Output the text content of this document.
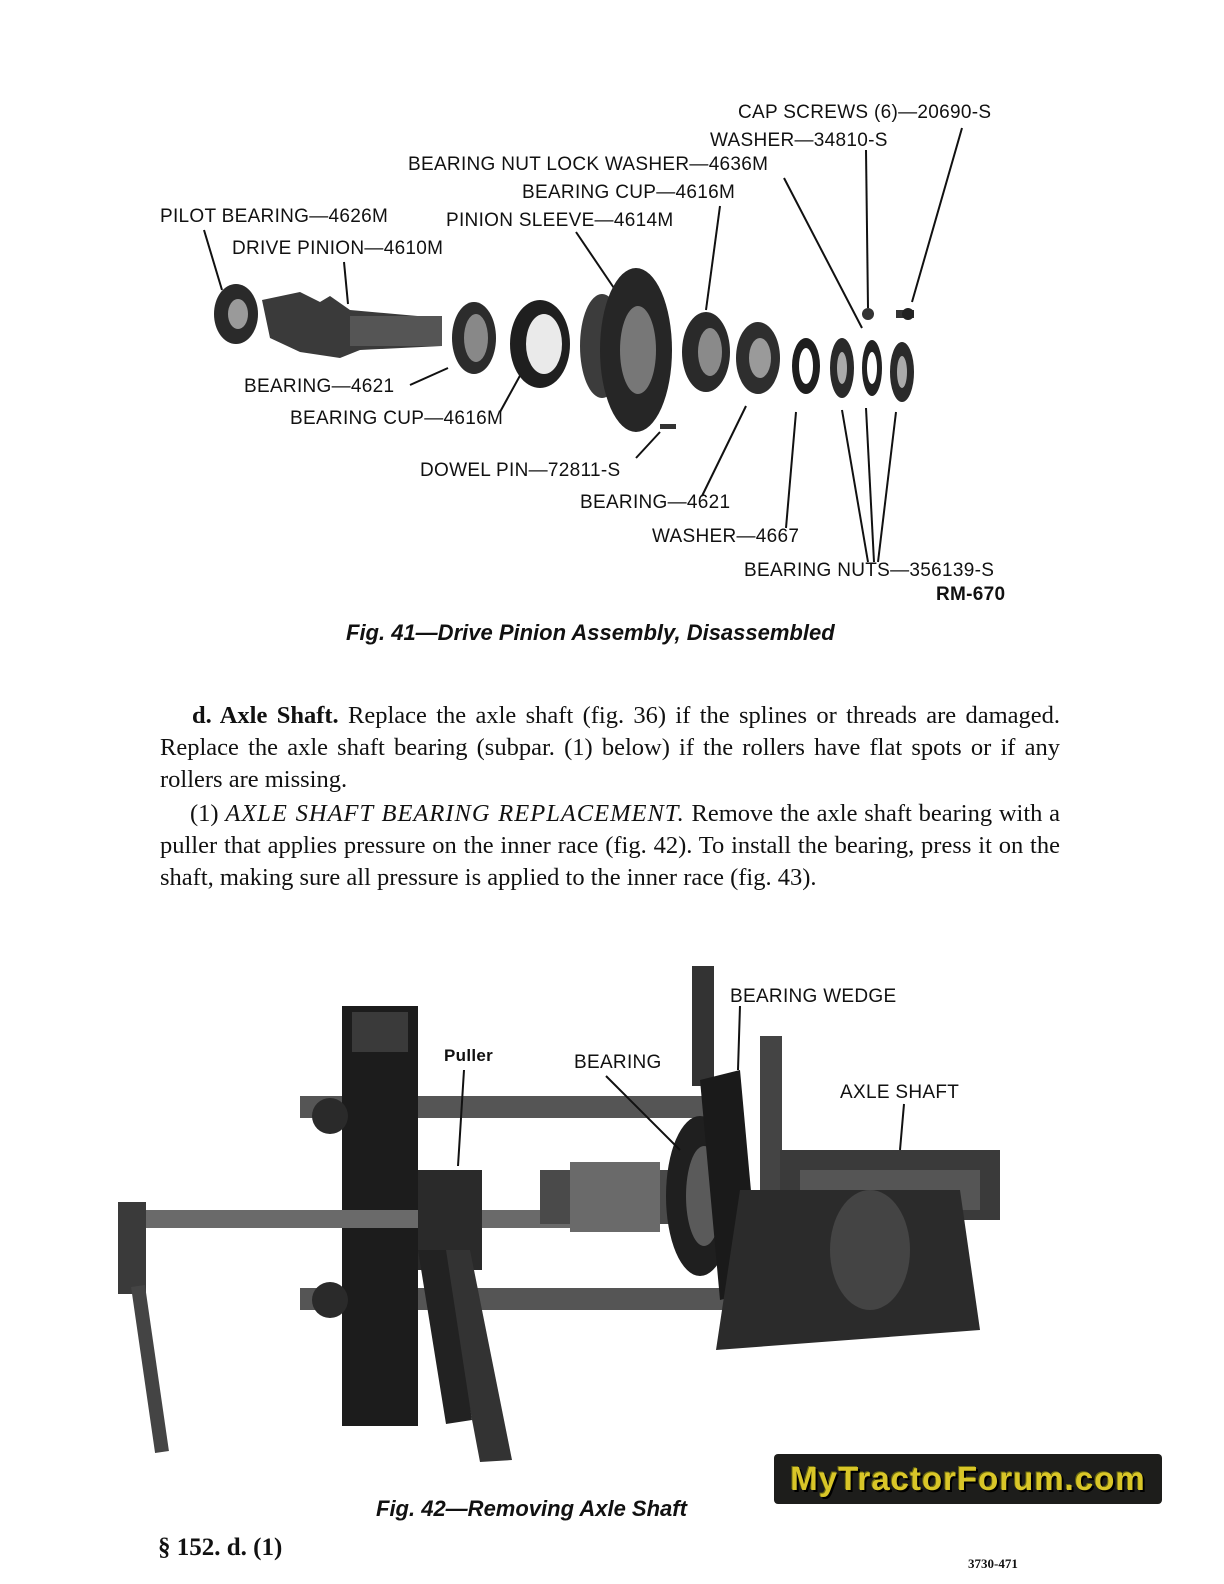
CAP SCREWS (6)—20690-S
WASHER—34810-S
BEARING NUT LOCK WASHER—4636M
BEARING CUP—4616M
PILOT BEARING—4626M	PINION SLEEVE—4614M
DRIVE PINION—4610M
BEARING—4621
BEARING CUP—4616M
DOWEL PIN—72811-S
BEARING—4621
WASHER—4667
BEARING NUTS—356139-S
RM-670
Fig. 41—Drive Pinion Assembly, Disassembled
d. Axle Shaft. Replace the axle shaft (fig. 36) if the splines or threads are damaged. Replace the axle shaft bearing (subpar. (1) below) if the rollers have flat spots or if any rollers are missing.
(1) AXLE SHAFT BEARING REPLACEMENT. Remove the axle shaft bearing with a puller that applies pressure on the inner race (fig. 42). To install the bearing, press it on the shaft, making sure all pressure is applied to the inner race (fig. 43).
BEARING WEDGE
Puller	BEARING
AXLE SHAFT
Fig. 42—Removing Axle Shaft
MyTractorForum.com
§ 152. d. (1)
3730-471
